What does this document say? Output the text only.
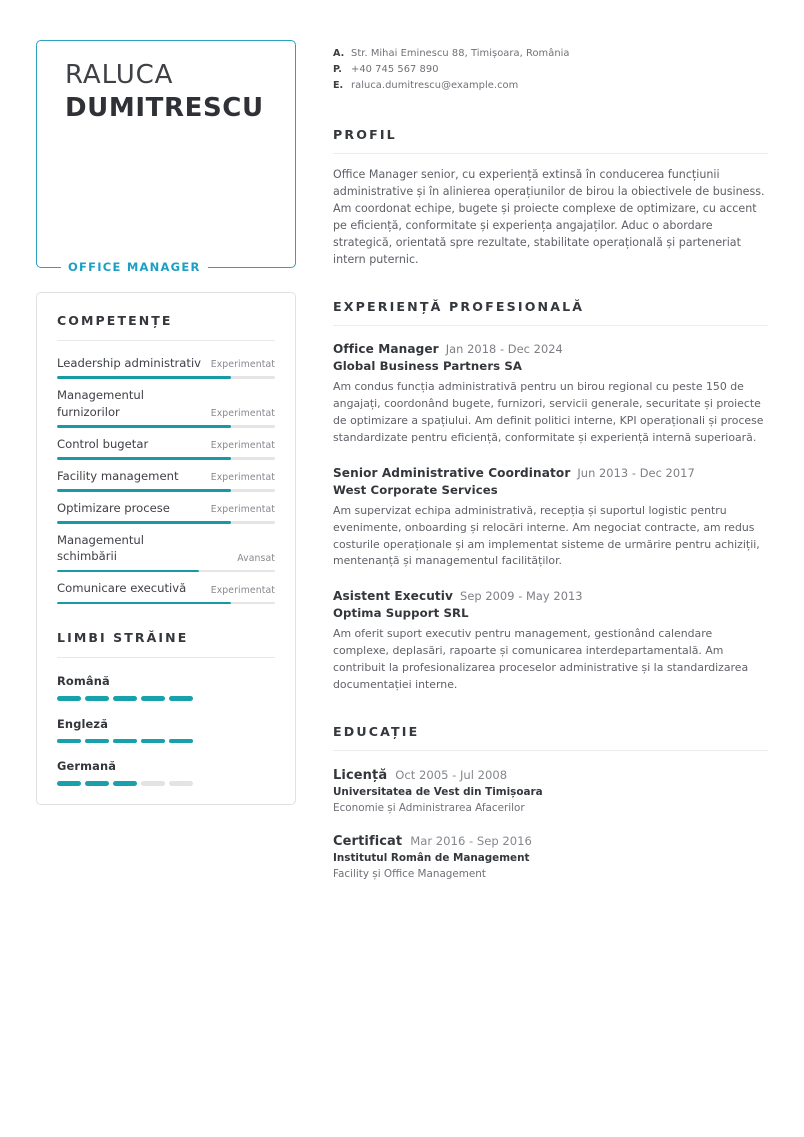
RALUCA
DUMITRESCU
OFFICE MANAGER
COMPETENȚE
Leadership administrativ Experimentat
Managementul furnizorilor	Experimentat
Control bugetar	Experimentat
Facility management	Experimentat
Optimizare procese	Experimentat
Managementul schimbării	Avansat
Comunicare executivă	Experimentat
LIMBI STRĂINE
Română
Engleză
Germană
A. Str. Mihai Eminescu 88, Timișoara, România
P. +40 745 567 890
E. raluca.dumitrescu@example.com
PROFIL
Office Manager senior, cu experiență extinsă în conducerea funcțiunii administrative și în alinierea operațiunilor de birou la obiectivele de business. Am coordonat echipe, bugete și proiecte complexe de optimizare, cu accent pe eficiență, conformitate și experiența angajaților. Aduc o abordare strategică, orientată spre rezultate, stabilitate operațională și parteneriat intern puternic.
EXPERIENȚĂ PROFESIONALĂ
Office Manager Jan 2018 - Dec 2024
Global Business Partners SA
Am condus funcția administrativă pentru un birou regional cu peste 150 de angajați, coordonând bugete, furnizori, servicii generale, securitate și proiecte de optimizare a spațiului. Am definit politici interne, KPI operaționali și procese standardizate pentru eficiență, conformitate și experiență internă superioară.
Senior Administrative Coordinator Jun 2013 - Dec 2017
West Corporate Services
Am supervizat echipa administrativă, recepția și suportul logistic pentru evenimente, onboarding și relocări interne. Am negociat contracte, am redus costurile operaționale și am implementat sisteme de urmărire pentru achiziții, mentenanță și managementul facilităților.
Asistent Executiv Sep 2009 - May 2013
Optima Support SRL
Am oferit suport executiv pentru management, gestionând calendare complexe, deplasări, rapoarte și comunicarea interdepartamentală. Am contribuit la profesionalizarea proceselor administrative și la standardizarea documentației interne.
EDUCAȚIE
Licență Oct 2005 - Jul 2008
Universitatea de Vest din Timișoara
Economie și Administrarea Afacerilor
Certificat Mar 2016 - Sep 2016
Institutul Român de Management
Facility și Office Management
